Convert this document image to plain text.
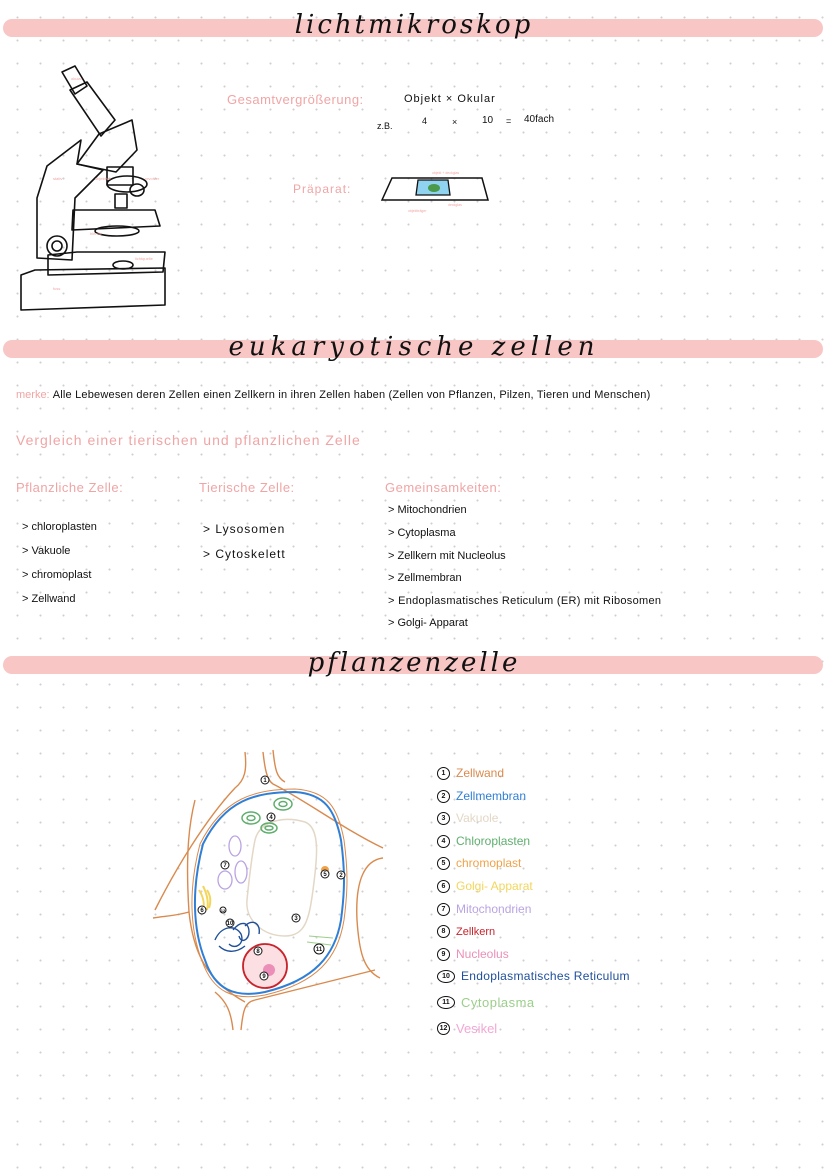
lichtmikroskop
okular
stativ	objektive	revolver
blende
lichtquelle
fuss
Gesamtvergrößerung:	Objekt × Okular
z.B.	4	× 10 = 40fach
Präparat:
objekt + deckglas
objektträger
deckglas
eukaryotische zellen
merke: Alle Lebewesen deren Zellen einen Zellkern in ihren Zellen haben (Zellen von Pflanzen, Pilzen, Tieren und Menschen)
Vergleich einer tierischen und pflanzlichen Zelle
Pflanzliche Zelle:
> chloroplasten
> Vakuole
> chromoplast
> Zellwand
Tierische Zelle:
> Lysosomen
> Cytoskelett
Gemeinsamkeiten:
> Mitochondrien
> Cytoplasma
> Zellkern mit Nucleolus
> Zellmembran
> Endoplasmatisches Reticulum (ER) mit Ribosomen
> Golgi- Apparat
pflanzenzelle
1
2
3
4
5
6
7
8
9
10
11
12
1 Zellwand
2 Zellmembran
3 Vakuole
4 Chloroplasten
5 chromoplast
6 Golgi- Apparat
7 Mitochondrien
8 Zellkern
9 Nucleolus
10 Endoplasmatisches Reticulum
11 Cytoplasma
12 Vesikel
